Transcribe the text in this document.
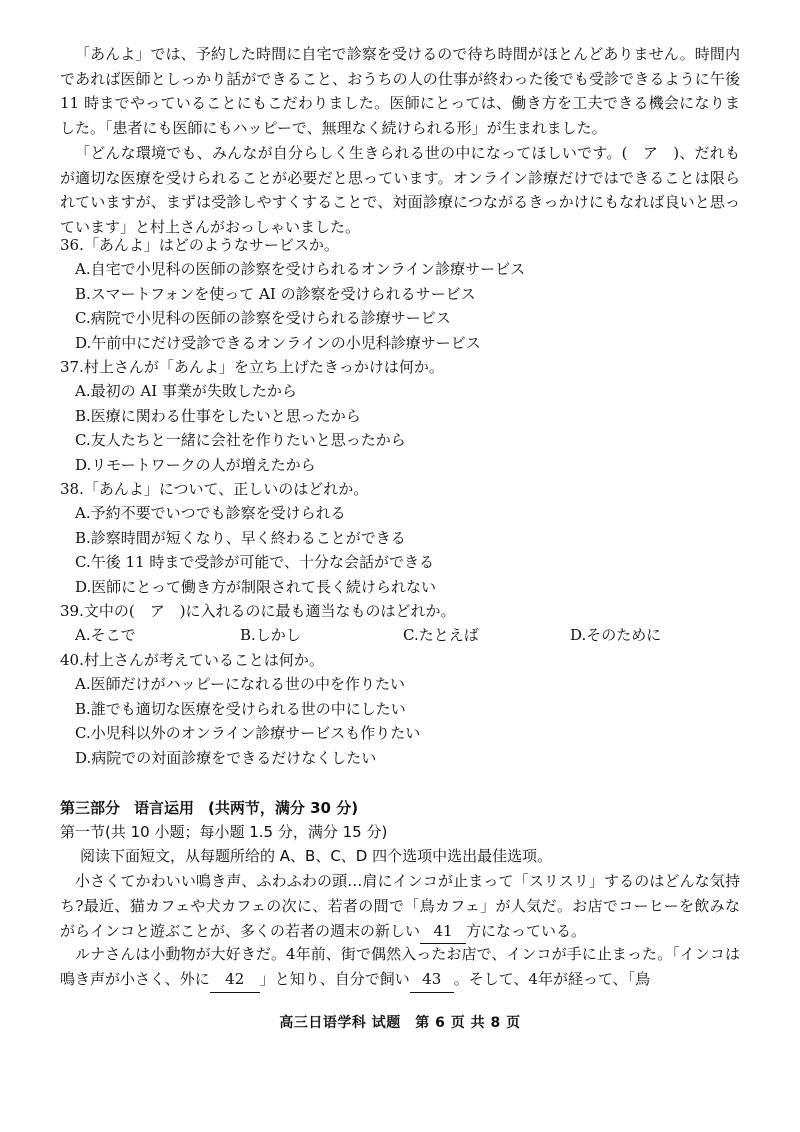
「あんよ」では、予約した時間に自宅で診察を受けるので待ち時間がほとんどありません。時間内であれば医師としっかり話ができること、おうちの人の仕事が終わった後でも受診できるように午後 11 時までやっていることにもこだわりました。医師にとっては、働き方を工夫できる機会になりました。「患者にも医師にもハッピーで、無理なく続けられる形」が生まれました。

「どんな環境でも、みんなが自分らしく生きられる世の中になってほしいです。(　ア　)、だれもが適切な医療を受けられることが必要だと思っています。オンライン診療だけではできることは限られていますが、まずは受診しやすくすることで、対面診療につながるきっかけにもなれば良いと思っています」と村上さんがおっしゃいました。

36.「あんよ」はどのようなサービスか。
A.自宅で小児科の医師の診察を受けられるオンライン診療サービス
B.スマートフォンを使って AI の診察を受けられるサービス
C.病院で小児科の医師の診察を受けられる診療サービス
D.午前中にだけ受診できるオンラインの小児科診療サービス
37.村上さんが「あんよ」を立ち上げたきっかけは何か。
A.最初の AI 事業が失敗したから
B.医療に関わる仕事をしたいと思ったから
C.友人たちと一緒に会社を作りたいと思ったから
D.リモートワークの人が増えたから
38.「あんよ」について、正しいのはどれか。
A.予約不要でいつでも診察を受けられる
B.診察時間が短くなり、早く終わることができる
C.午後 11 時まで受診が可能で、十分な会話ができる
D.医師にとって働き方が制限されて長く続けられない
39.文中の(　ア　)に入れるのに最も適当なものはどれか。
A.そこで	B.しかし	C.たとえば	D.そのために
40.村上さんが考えていることは何か。
A.医師だけがハッピーになれる世の中を作りたい
B.誰でも適切な医療を受けられる世の中にしたい
C.小児科以外のオンライン診療サービスも作りたい
D.病院での対面診療をできるだけなくしたい
第三部分 语言运用 (共两节，满分 30 分)
第一节(共 10 小题；每小题 1.5 分，满分 15 分)
阅读下面短文，从每题所给的 A、B、C、D 四个选项中选出最佳选项。

小さくてかわいい鳴き声、ふわふわの頭…肩にインコが止まって「スリスリ」するのはどんな気持ち?最近、猫カフェや犬カフェの次に、若者の間で「鳥カフェ」が人気だ。お店でコーヒーを飲みながらインコと遊ぶことが、多くの若者の週末の新しい 41 方になっている。

ルナさんは小動物が大好きだ。4年前、街で偶然入ったお店で、インコが手に止まった。「インコは鳴き声が小さく、外に 42 」と知り、自分で飼い 43 。そして、4年が経って、「鳥

高三日语学科 试题　第 6 页 共 8 页
